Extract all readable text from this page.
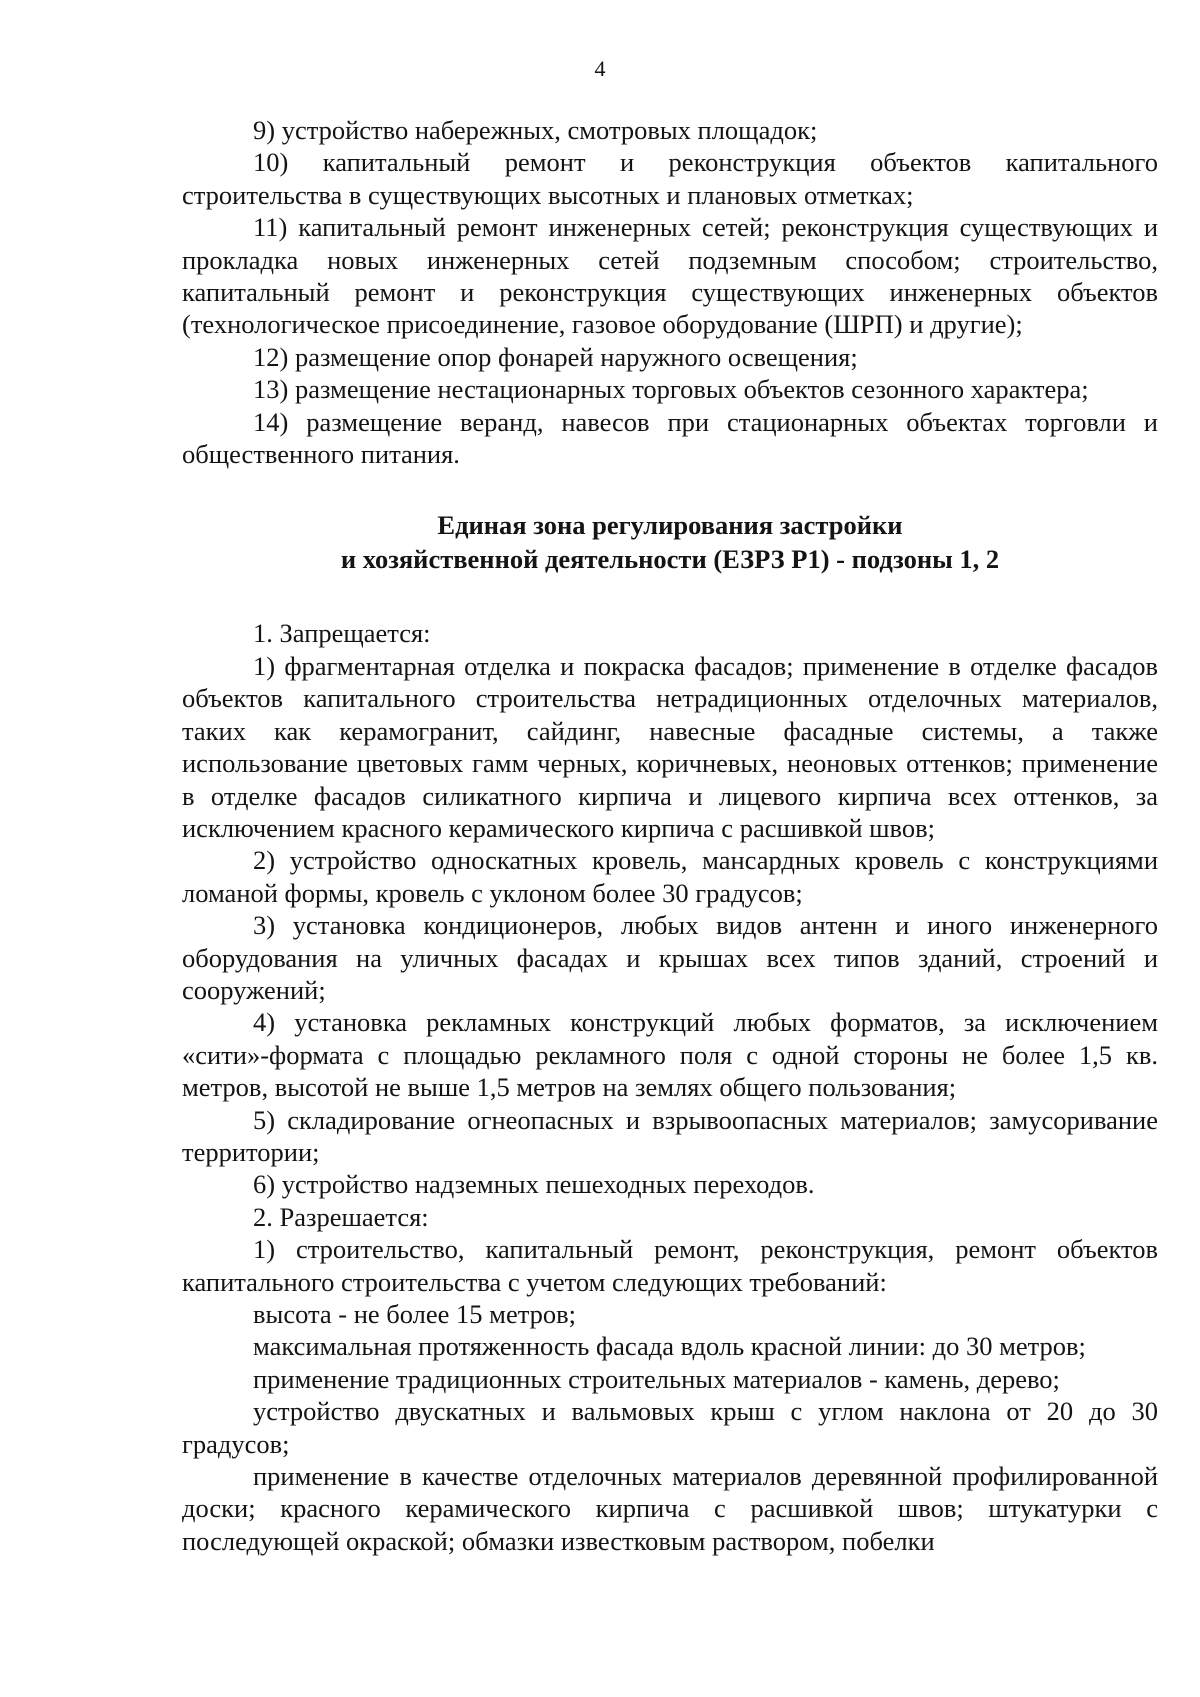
4

9) устройство набережных, смотровых площадок;

10) капитальный ремонт и реконструкция объектов капитального строительства в существующих высотных и плановых отметках;

11) капитальный ремонт инженерных сетей; реконструкция существующих и прокладка новых инженерных сетей подземным способом; строительство, капитальный ремонт и реконструкция существующих инженерных объектов (технологическое присоединение, газовое оборудование (ШРП) и другие);

12) размещение опор фонарей наружного освещения;

13) размещение нестационарных торговых объектов сезонного характера;

14) размещение веранд, навесов при стационарных объектах торговли и общественного питания.

Единая зона регулирования застройки
и хозяйственной деятельности (ЕЗРЗ Р1) - подзоны 1, 2

1. Запрещается:

1) фрагментарная отделка и покраска фасадов; применение в отделке фасадов объектов капитального строительства нетрадиционных отделочных материалов, таких как керамогранит, сайдинг, навесные фасадные системы, а также использование цветовых гамм черных, коричневых, неоновых оттенков; применение в отделке фасадов силикатного кирпича и лицевого кирпича всех оттенков, за исключением красного керамического кирпича с расшивкой швов;

2) устройство односкатных кровель, мансардных кровель с конструкциями ломаной формы, кровель с уклоном более 30 градусов;

3) установка кондиционеров, любых видов антенн и иного инженерного оборудования на уличных фасадах и крышах всех типов зданий, строений и сооружений;

4) установка рекламных конструкций любых форматов, за исключением «сити»-формата с площадью рекламного поля с одной стороны не более 1,5 кв. метров, высотой не выше 1,5 метров на землях общего пользования;

5) складирование огнеопасных и взрывоопасных материалов; замусоривание территории;

6) устройство надземных пешеходных переходов.

2. Разрешается:

1) строительство, капитальный ремонт, реконструкция, ремонт объектов капитального строительства с учетом следующих требований:

высота - не более 15 метров;

максимальная протяженность фасада вдоль красной линии: до 30 метров;

применение традиционных строительных материалов - камень, дерево;

устройство двускатных и вальмовых крыш с углом наклона от 20 до 30 градусов;

применение в качестве отделочных материалов деревянной профилированной доски; красного керамического кирпича с расшивкой швов; штукатурки с последующей окраской; обмазки известковым раствором, побелки
